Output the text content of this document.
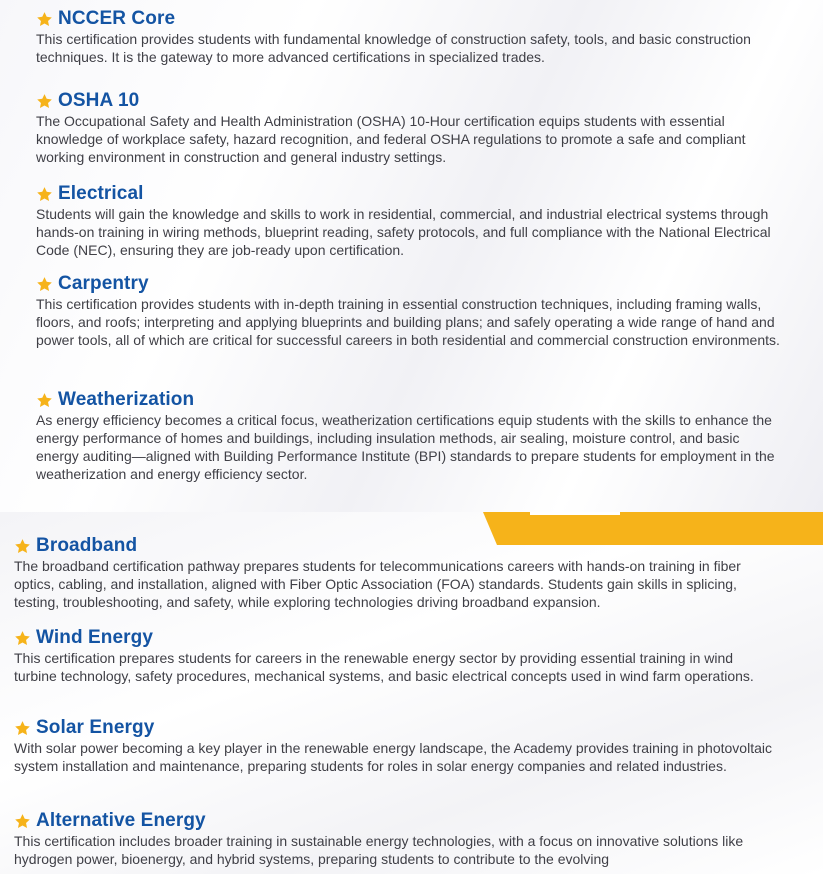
NCCER Core

This certification provides students with fundamental knowledge of construction safety, tools, and basic construction techniques. It is the gateway to more advanced certifications in specialized trades.

OSHA 10

The Occupational Safety and Health Administration (OSHA) 10-Hour certification equips students with essential knowledge of workplace safety, hazard recognition, and federal OSHA regulations to promote a safe and compliant working environment in construction and general industry settings.

Electrical

Students will gain the knowledge and skills to work in residential, commercial, and industrial electrical systems through hands-on training in wiring methods, blueprint reading, safety protocols, and full compliance with the National Electrical Code (NEC), ensuring they are job-ready upon certification.

Carpentry

This certification provides students with in-depth training in essential construction techniques, including framing walls, floors, and roofs; interpreting and applying blueprints and building plans; and safely operating a wide range of hand and power tools, all of which are critical for successful careers in both residential and commercial construction environments.

Weatherization

As energy efficiency becomes a critical focus, weatherization certifications equip students with the skills to enhance the energy performance of homes and buildings, including insulation methods, air sealing, moisture control, and basic energy auditing—aligned with Building Performance Institute (BPI) standards to prepare students for employment in the weatherization and energy efficiency sector.

Broadband

The broadband certification pathway prepares students for telecommunications careers with hands-on training in fiber optics, cabling, and installation, aligned with Fiber Optic Association (FOA) standards. Students gain skills in splicing, testing, troubleshooting, and safety, while exploring technologies driving broadband expansion.

Wind Energy

This certification prepares students for careers in the renewable energy sector by providing essential training in wind turbine technology, safety procedures, mechanical systems, and basic electrical concepts used in wind farm operations.

Solar Energy

With solar power becoming a key player in the renewable energy landscape, the Academy provides training in photovoltaic system installation and maintenance, preparing students for roles in solar energy companies and related industries.

Alternative Energy

This certification includes broader training in sustainable energy technologies, with a focus on innovative solutions like hydrogen power, bioenergy, and hybrid systems, preparing students to contribute to the evolving
